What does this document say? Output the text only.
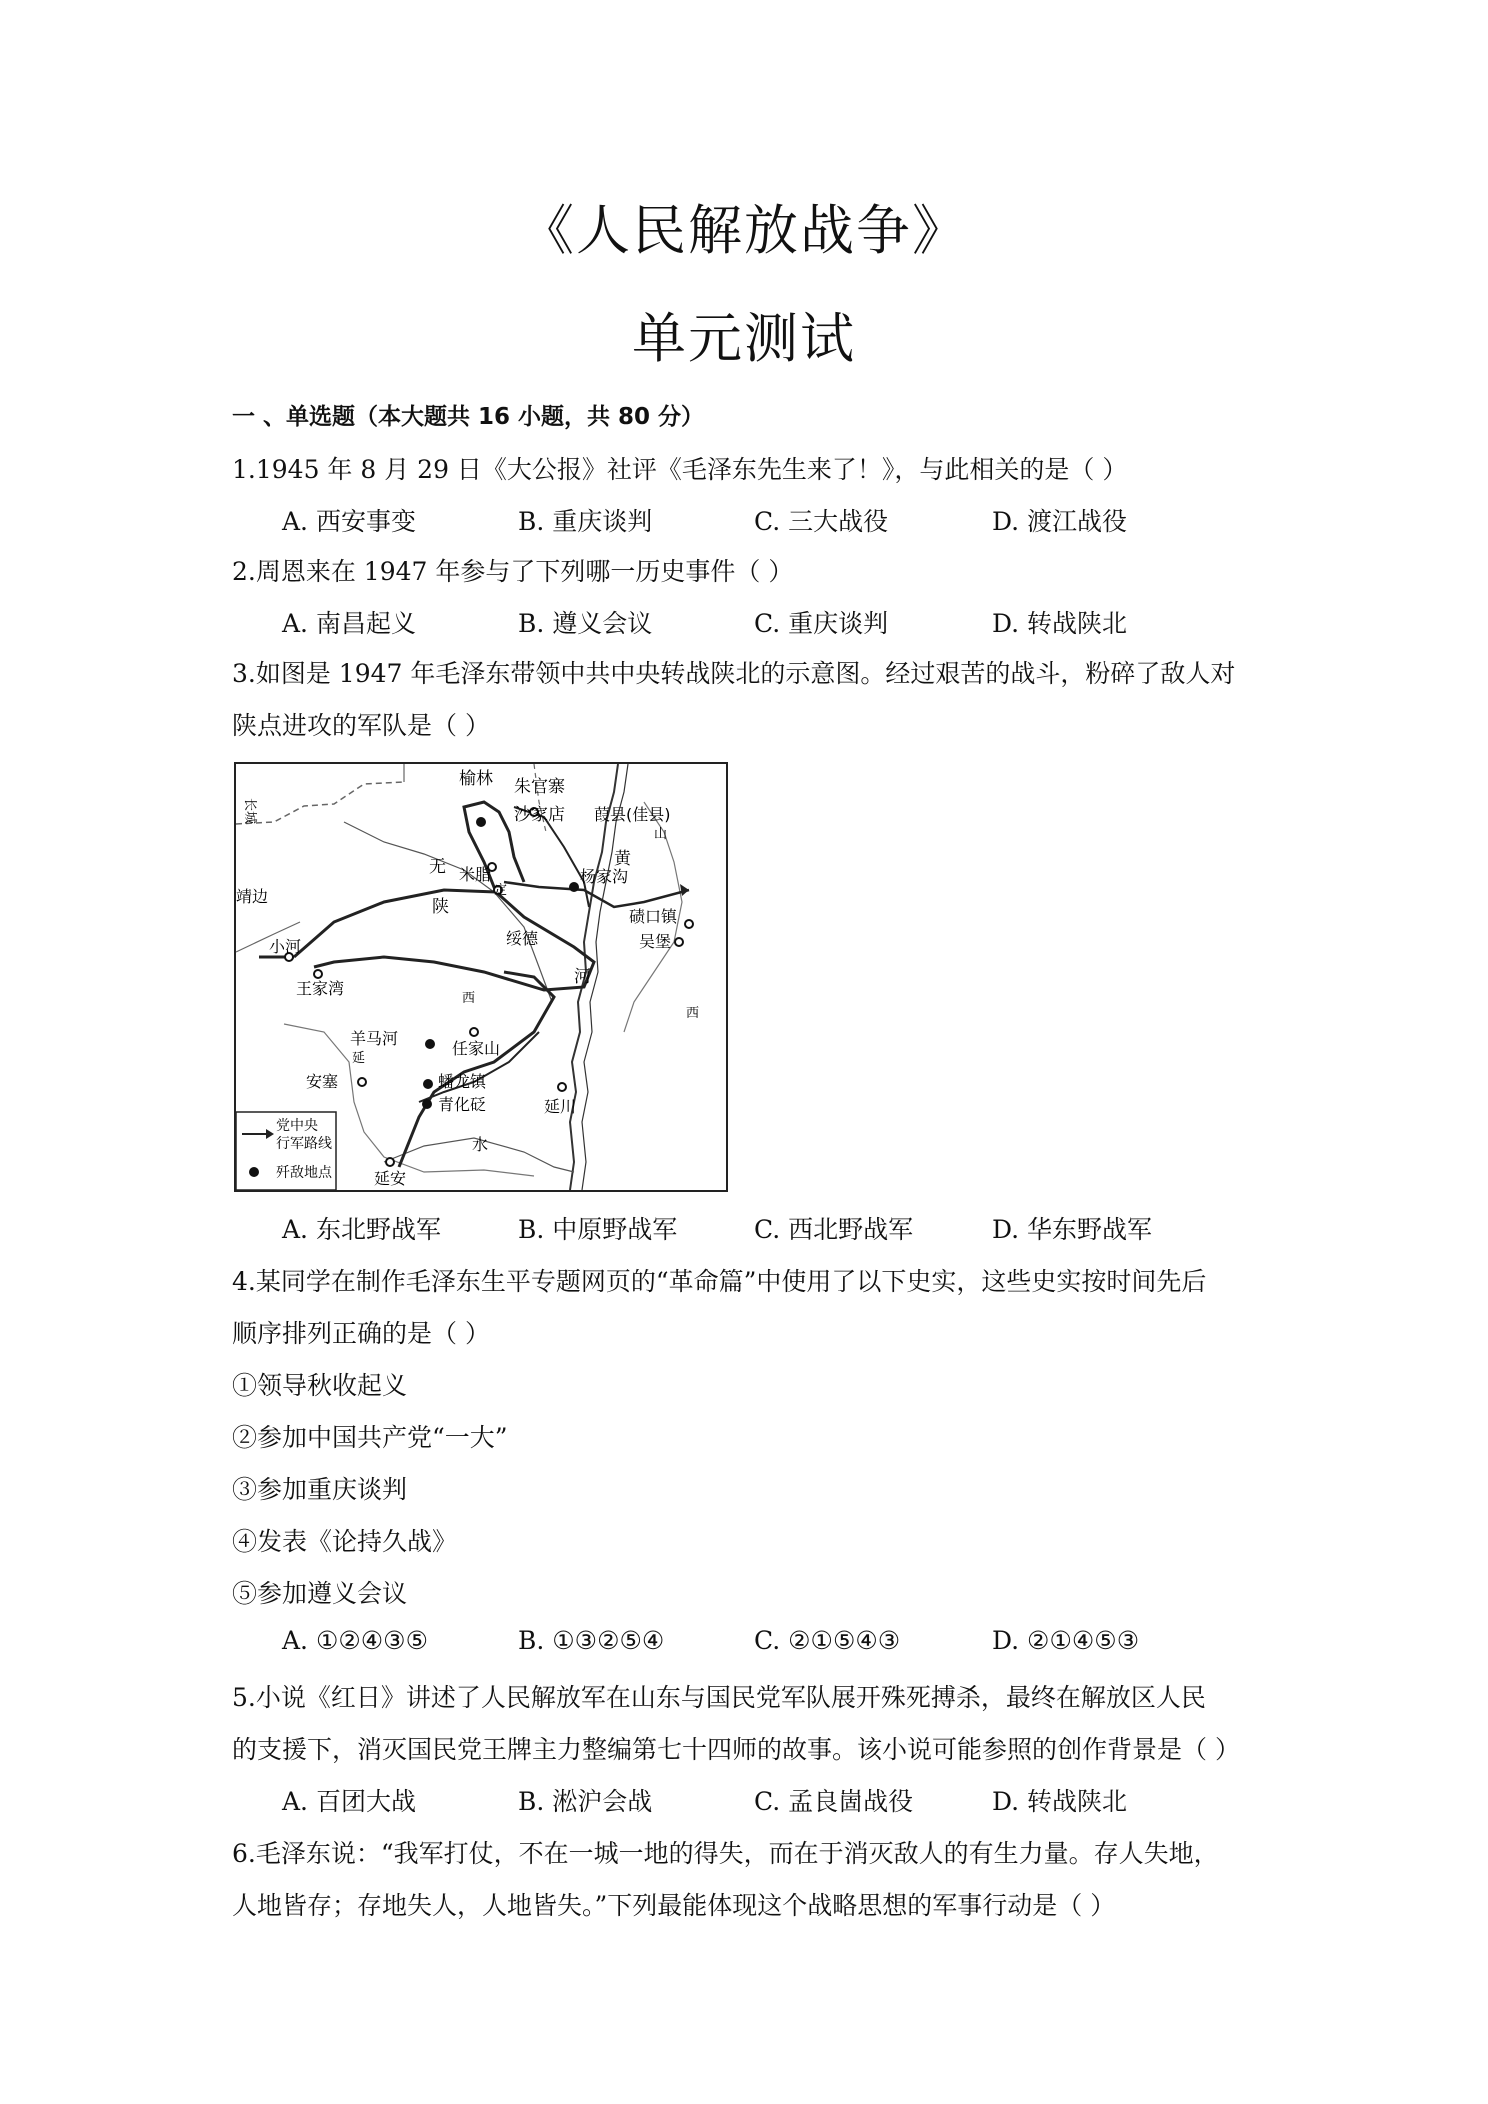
《人民解放战争》
单元测试
一 、单选题（本大题共 16 小题，共 80 分）
1.1945 年 8 月 29 日《大公报》社评《毛泽东先生来了！》，与此相关的是（ ）
A. 西安事变	B. 重庆谈判	C. 三大战役	D. 渡江战役
2.周恩来在 1947 年参与了下列哪一历史事件（ ）
A. 南昌起义	B. 遵义会议	C. 重庆谈判	D. 转战陕北
3.如图是 1947 年毛泽东带领中共中央转战陕北的示意图。经过艰苦的战斗，粉碎了敌人对
陕点进攻的军队是（ ）
长城
榆林 朱官寨
沙家店 葭县(佳县)
无 米脂	杨家沟
黄
山
靖边	定
陕	碛口镇
吴堡
小河	绥德
河
王家湾
西
西
羊马河
任家山
延
安塞	蟠龙镇
青化砭	延川
水
延安
党中央
行军路线
歼敌地点
A. 东北野战军	B. 中原野战军	C. 西北野战军	D. 华东野战军
4.某同学在制作毛泽东生平专题网页的“革命篇”中使用了以下史实，这些史实按时间先后
顺序排列正确的是（ ）
①领导秋收起义
②参加中国共产党“一大”
③参加重庆谈判
④发表《论持久战》
⑤参加遵义会议
A. ①②④③⑤	B. ①③②⑤④	C. ②①⑤④③	D. ②①④⑤③
5.小说《红日》讲述了人民解放军在山东与国民党军队展开殊死搏杀，最终在解放区人民
的支援下，消灭国民党王牌主力整编第七十四师的故事。该小说可能参照的创作背景是（ ）
A. 百团大战	B. 淞沪会战	C. 孟良崮战役	D. 转战陕北
6.毛泽东说：“我军打仗，不在一城一地的得失，而在于消灭敌人的有生力量。存人失地，
人地皆存；存地失人，人地皆失。”下列最能体现这个战略思想的军事行动是（ ）
